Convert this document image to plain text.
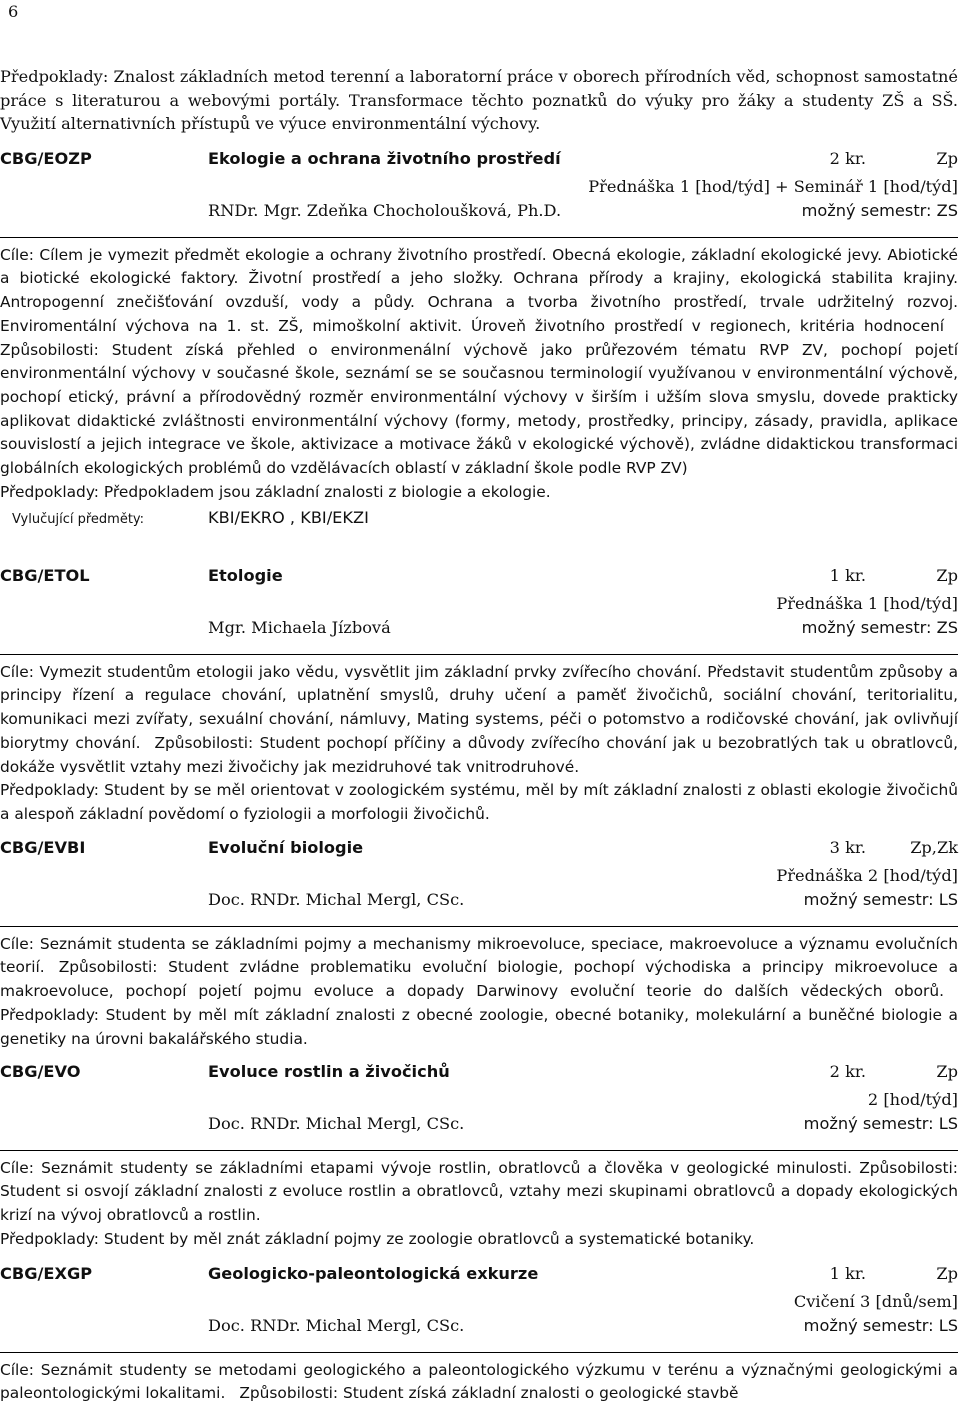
6
Předpoklady: Znalost základních metod terenní a laboratorní práce v oborech přírodních věd, schopnost samostatné práce s literaturou a webovými portály. Transformace těchto poznatků do výuky pro žáky a studenty ZŠ a SŠ. Využití alternativních přístupů ve výuce environmentální výchovy.
CBG/EOZP	Ekologie a ochrana životního prostředí	2 kr.	Zp
Přednáška 1 [hod/týd] + Seminář 1 [hod/týd]
RNDr. Mgr. Zdeňka Chocholoušková, Ph.D.	možný semestr: ZS
Cíle: Cílem je vymezit předmět ekologie a ochrany životního prostředí. Obecná ekologie, základní ekologické jevy. Abiotické a biotické ekologické faktory. Životní prostředí a jeho složky. Ochrana přírody a krajiny, ekologická stabilita krajiny. Antropogenní znečišťování ovzduší, vody a půdy. Ochrana a tvorba životního prostředí, trvale udržitelný rozvoj. Enviromentální výchova na 1. st. ZŠ, mimoškolní aktivit. Úroveň životního prostředí v regionech, kritéria hodnoceníZpůsobilosti: Student získá přehled o environmenální výchově jako průřezovém tématu RVP ZV, pochopí pojetí environmentální výchovy v současné škole, seznámí se se současnou terminologií využívanou v environmentální výchově, pochopí etický, právní a přírodovědný rozměr environmentální výchovy v širším i užším slova smyslu, dovede prakticky aplikovat didaktické zvláštnosti environmentální výchovy (formy, metody, prostředky, principy, zásady, pravidla, aplikace souvislostí a jejich integrace ve škole, aktivizace a motivace žáků v ekologické výchově), zvládne didaktickou transformaci globálních ekologických problémů do vzdělávacích oblastí v základní škole podle RVP ZV)
Předpoklady: Předpokladem jsou základní znalosti z biologie a ekologie.
Vylučující předměty:	KBI/EKRO , KBI/EKZI
CBG/ETOL	Etologie	1 kr.	Zp
Přednáška 1 [hod/týd]
Mgr. Michaela Jízbová	možný semestr: ZS
Cíle: Vymezit studentům etologii jako vědu, vysvětlit jim základní prvky zvířecího chování. Představit studentům způsoby a principy řízení a regulace chování, uplatnění smyslů, druhy učení a paměť živočichů, sociální chování, teritorialitu, komunikaci mezi zvířaty, sexuální chování, námluvy, Mating systems, péči o potomstvo a rodičovské chování, jak ovlivňují biorytmy chování. Způsobilosti: Student pochopí příčiny a důvody zvířecího chování jak u bezobratlých tak u obratlovců, dokáže vysvětlit vztahy mezi živočichy jak mezidruhové tak vnitrodruhové.
Předpoklady: Student by se měl orientovat v zoologickém systému, měl by mít základní znalosti z oblasti ekologie živočichů a alespoň základní povědomí o fyziologii a morfologii živočichů.
CBG/EVBI	Evoluční biologie	3 kr.	Zp,Zk
Přednáška 2 [hod/týd]
Doc. RNDr. Michal Mergl, CSc.	možný semestr: LS
Cíle: Seznámit studenta se základními pojmy a mechanismy mikroevoluce, speciace, makroevoluce a významu evolučních teorií. Způsobilosti: Student zvládne problematiku evoluční biologie, pochopí východiska a principy mikroevoluce a makroevoluce, pochopí pojetí pojmu evoluce a dopady Darwinovy evoluční teorie do dalších vědeckých oborů.Předpoklady: Student by měl mít základní znalosti z obecné zoologie, obecné botaniky, molekulární a buněčné biologie a genetiky na úrovni bakalářského studia.
CBG/EVO	Evoluce rostlin a živočichů	2 kr.	Zp
2 [hod/týd]
Doc. RNDr. Michal Mergl, CSc.	možný semestr: LS
Cíle: Seznámit studenty se základními etapami vývoje rostlin, obratlovců a člověka v geologické minulosti. Způsobilosti: Student si osvojí základní znalosti z evoluce rostlin a obratlovců, vztahy mezi skupinami obratlovců a dopady ekologických krizí na vývoj obratlovců a rostlin.
Předpoklady: Student by měl znát základní pojmy ze zoologie obratlovců a systematické botaniky.
CBG/EXGP	Geologicko-paleontologická exkurze	1 kr.	Zp
Cvičení 3 [dnů/sem]
Doc. RNDr. Michal Mergl, CSc.	možný semestr: LS
Cíle: Seznámit studenty se metodami geologického a paleontologického výzkumu v terénu a význačnými geologickými a paleontologickými lokalitami. Způsobilosti: Student získá základní znalosti o geologické stavbě
